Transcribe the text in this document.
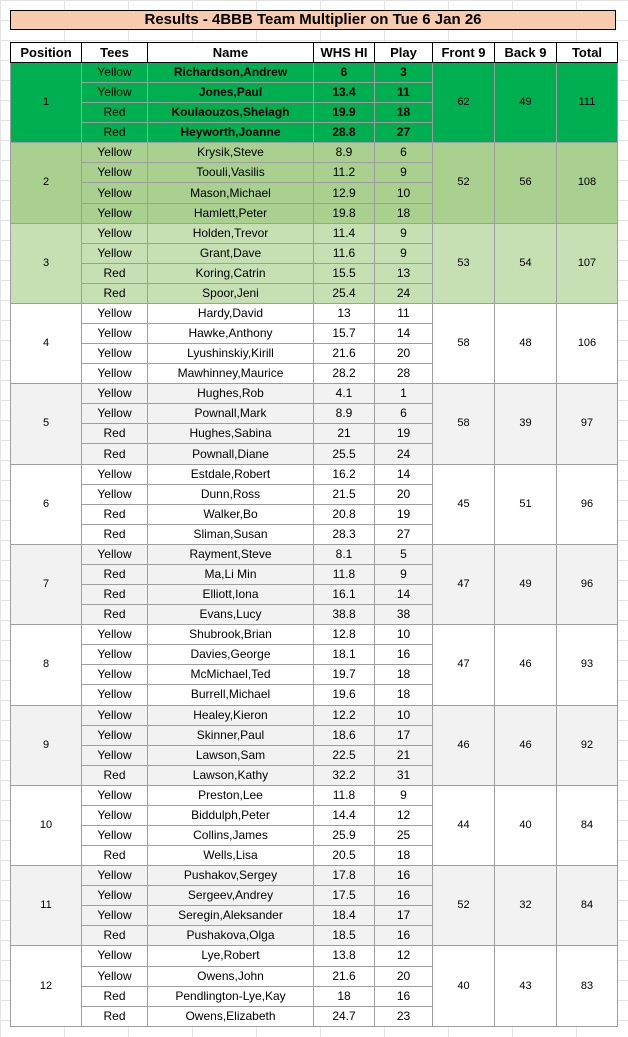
Results - 4BBB Team Multiplier on Tue 6 Jan 26
Position	Tees	Name	WHS HI	Play	Front 9	Back 9	Total
1	Yellow	Richardson,Andrew	6	3	62	49	111
	Yellow	Jones,Paul	13.4	11			
	Red	Koulaouzos,Shelagh	19.9	18			
	Red	Heyworth,Joanne	28.8	27			
2	Yellow	Krysik,Steve	8.9	6	52	56	108
	Yellow	Toouli,Vasilis	11.2	9			
	Yellow	Mason,Michael	12.9	10			
	Yellow	Hamlett,Peter	19.8	18			
3	Yellow	Holden,Trevor	11.4	9	53	54	107
	Yellow	Grant,Dave	11.6	9			
	Red	Koring,Catrin	15.5	13			
	Red	Spoor,Jeni	25.4	24			
4	Yellow	Hardy,David	13	11	58	48	106
	Yellow	Hawke,Anthony	15.7	14			
	Yellow	Lyushinskiy,Kirill	21.6	20			
	Yellow	Mawhinney,Maurice	28.2	28			
5	Yellow	Hughes,Rob	4.1	1	58	39	97
	Yellow	Pownall,Mark	8.9	6			
	Red	Hughes,Sabina	21	19			
	Red	Pownall,Diane	25.5	24			
6	Yellow	Estdale,Robert	16.2	14	45	51	96
	Yellow	Dunn,Ross	21.5	20			
	Red	Walker,Bo	20.8	19			
	Red	Sliman,Susan	28.3	27			
7	Yellow	Rayment,Steve	8.1	5	47	49	96
	Red	Ma,Li Min	11.8	9			
	Red	Elliott,Iona	16.1	14			
	Red	Evans,Lucy	38.8	38			
8	Yellow	Shubrook,Brian	12.8	10	47	46	93
	Yellow	Davies,George	18.1	16			
	Yellow	McMichael,Ted	19.7	18			
	Yellow	Burrell,Michael	19.6	18			
9	Yellow	Healey,Kieron	12.2	10	46	46	92
	Yellow	Skinner,Paul	18.6	17			
	Yellow	Lawson,Sam	22.5	21			
	Red	Lawson,Kathy	32.2	31			
10	Yellow	Preston,Lee	11.8	9	44	40	84
	Yellow	Biddulph,Peter	14.4	12			
	Yellow	Collins,James	25.9	25			
	Red	Wells,Lisa	20.5	18			
11	Yellow	Pushakov,Sergey	17.8	16	52	32	84
	Yellow	Sergeev,Andrey	17.5	16			
	Yellow	Seregin,Aleksander	18.4	17			
	Red	Pushakova,Olga	18.5	16			
12	Yellow	Lye,Robert	13.8	12	40	43	83
	Yellow	Owens,John	21.6	20			
	Red	Pendlington-Lye,Kay	18	16			
	Red	Owens,Elizabeth	24.7	23			
